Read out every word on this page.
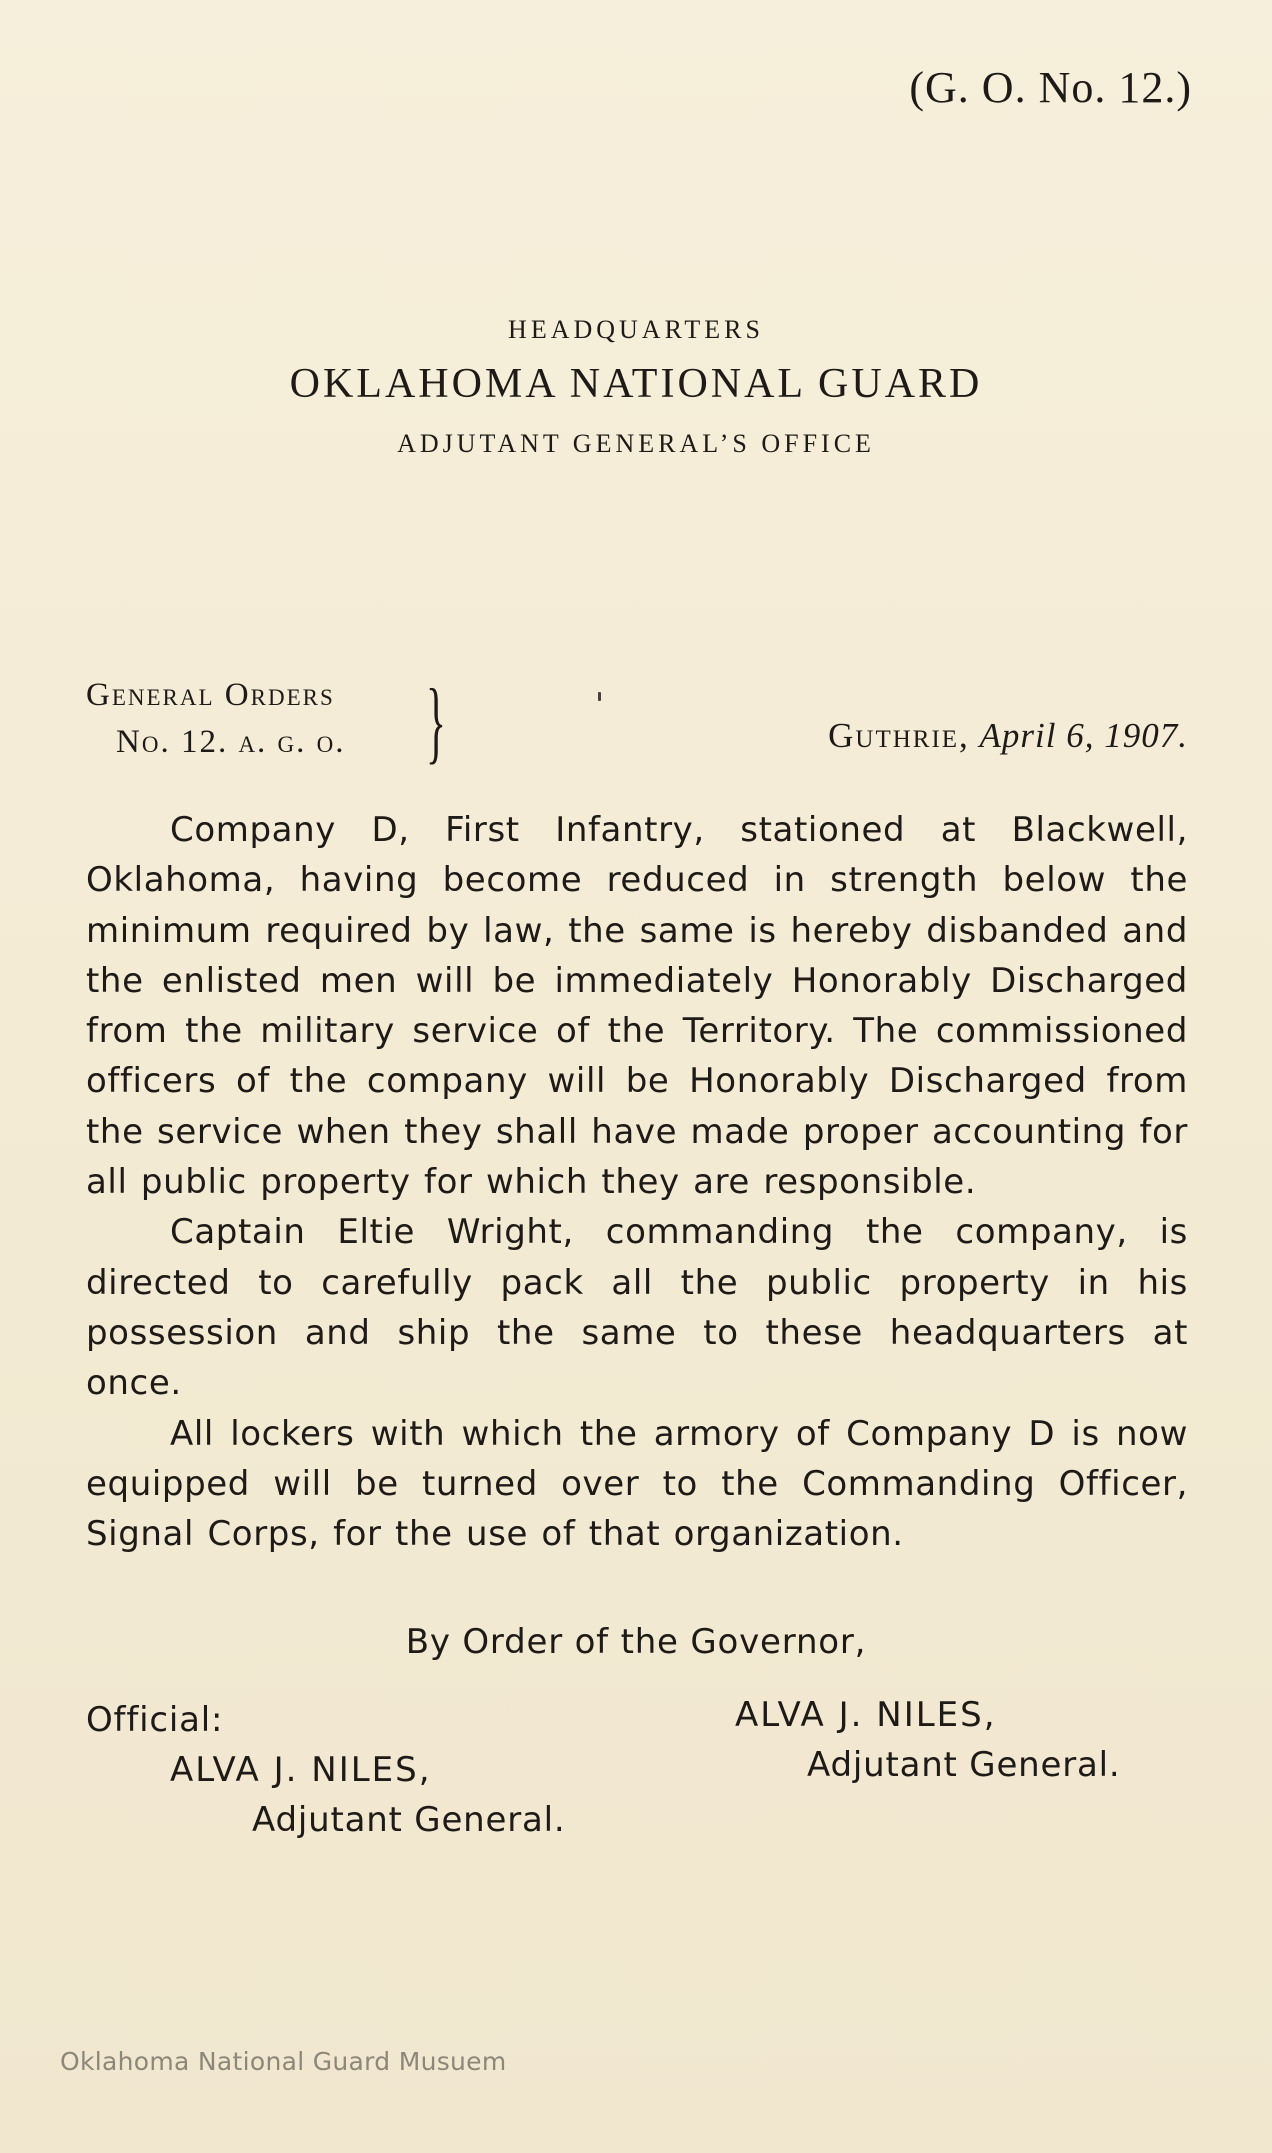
(G. O. No. 12.)
HEADQUARTERS
OKLAHOMA NATIONAL GUARD
ADJUTANT GENERAL’S OFFICE
General Orders
No. 12. a. g. o. }	Guthrie, April 6, 1907.

Company D, First Infantry, stationed at Blackwell, Oklahoma, having become reduced in strength below the minimum required by law, the same is hereby disbanded and the enlisted men will be immediately Honorably Discharged from the military service of the Territory. The commissioned officers of the company will be Honorably Discharged from the service when they shall have made proper accounting for all public property for which they are responsible.

Captain Eltie Wright, commanding the company, is directed to carefully pack all the public property in his possession and ship the same to these headquarters at once.

All lockers with which the armory of Company D is now equipped will be turned over to the Commanding Officer, Signal Corps, for the use of that organization.

By Order of the Governor,
Official:
ALVA J. NILES,
Adjutant General.
ALVA J. NILES,
Adjutant General.
Oklahoma National Guard Musuem
